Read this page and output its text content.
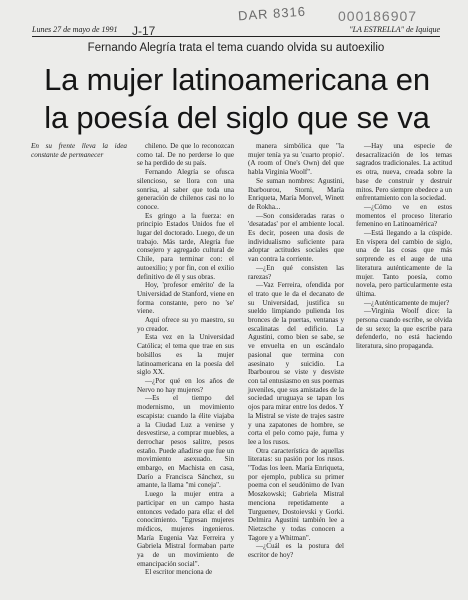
DAR 8316 000186907
J-17
Lunes 27 de mayo de 1991	"LA ESTRELLA" de Iquique
Fernando Alegría trata el tema cuando olvida su autoexilio
La mujer latinoamericana en
la poesía del siglo que se va

En su frente lleva la idea constante de permanecer

chileno. De que lo reconozcan como tal. De no perderse lo que se ha perdido de su país.

Fernando Alegría se ofusca silencioso, se llora con una sonrisa, al saber que toda una generación de chilenos casi no lo conoce.

Es gringo a la fuerza: en principio Estados Unidos fue el lugar del doctorado. Luego, de un trabajo. Más tarde, Alegría fue consejero y agregado cultural de Chile, para terminar con: el autoexilio; y por fin, con el exilio definitivo de él y sus obras.

Hoy, 'profesor emérito' de la Universidad de Stanford, viene en forma constante, pero no 'se' viene.

Aquí ofrece su yo maestro, su yo creador.

Esta vez en la Universidad Católica; el tema que trae en sus bolsillos es la mujer latinoamericana en la poesía del siglo XX.

—¿Por qué en los años de Nervo no hay mujeres?

—Es el tiempo del modernismo, un movimiento escapista: cuando la élite viajaba a la Ciudad Luz a venirse y desvestirse, a comprar muebles, a derrochar pesos salitre, pesos estaño. Puede añadirse que fue un movimiento asexuado. Sin embargo, en Machista en casa, Darío a Francisca Sánchez, su amante, la llama "mi coneja".

Luego la mujer entra a participar en un campo hasta entonces vedado para ella: el del conocimiento. "Egresan mujeres médicos, mujeres ingenieros. María Eugenia Vaz Ferreira y Gabriela Mistral formaban parte ya de un movimiento de emancipación social".

El escritor menciona de

manera simbólica que "la mujer tenía ya su 'cuarto propio'. (A room of One's Own) del que habla Virginia Woolf".

Se suman nombres: Agustini, Ibarbourou, Storni, María Enriqueta, María Monvel, Winett de Rokha...

—Son consideradas raras o 'desatadas' por el ambiente local. Es decir, poseen una dosis de individualismo suficiente para adoptar actitudes sociales que van contra la corriente.

—¿En qué consisten las rarezas?

—Vaz Ferreira, ofendida por el trato que le da el decanato de su Universidad, justifica su sueldo limpiando pulienda los bronces de la puertas, ventanas y escalinatas del edificio. La Agustini, como bien se sabe, se ve envuelta en un escándalo pasional que termina con asesinato y suicidio. La Ibarbourou se viste y desviste con tal entusiasmo en sus poemas juveniles, que sus amistades de la sociedad uruguaya se tapan los ojos para mirar entre los dedos. Y la Mistral se viste de trajes sastre y una zapatones de hombre, se corta el pelo como paje, fuma y lee a los rusos.

Otra característica de aquellas literatas: su pasión por los rusos. "Todas los leen. María Enriqueta, por ejemplo, publica su primer poema con el seudónimo de Ivan Moszkowski; Gabriela Mistral menciona repetidamente a Turguenev, Dostoievski y Gorki. Delmira Agustini también lee a Nietzsche y todas conocen a Tagore y a Whitman".

—¿Cuál es la postura del escritor de hoy?

—Hay una especie de desacralización de los temas sagrados tradicionales. La actitud es otra, nueva, creada sobre la base de construir y destruir mitos. Pero siempre obedece a un enfrentamiento con la sociedad.

—¿Cómo ve en estos momentos el proceso literario femenino en Latinoamérica?

—Está llegando a la cúspide. En víspera del cambio de siglo, una de las cosas que más sorprende es el auge de una literatura auténticamente de la mujer. Tanto poesía, como novela, pero particularmente esta última.

—¿Auténticamente de mujer?

—Virginia Woolf dice: la persona cuando escribe, se olvida de su sexo; la que escribe para defenderlo, no está haciendo literatura, sino propaganda.
